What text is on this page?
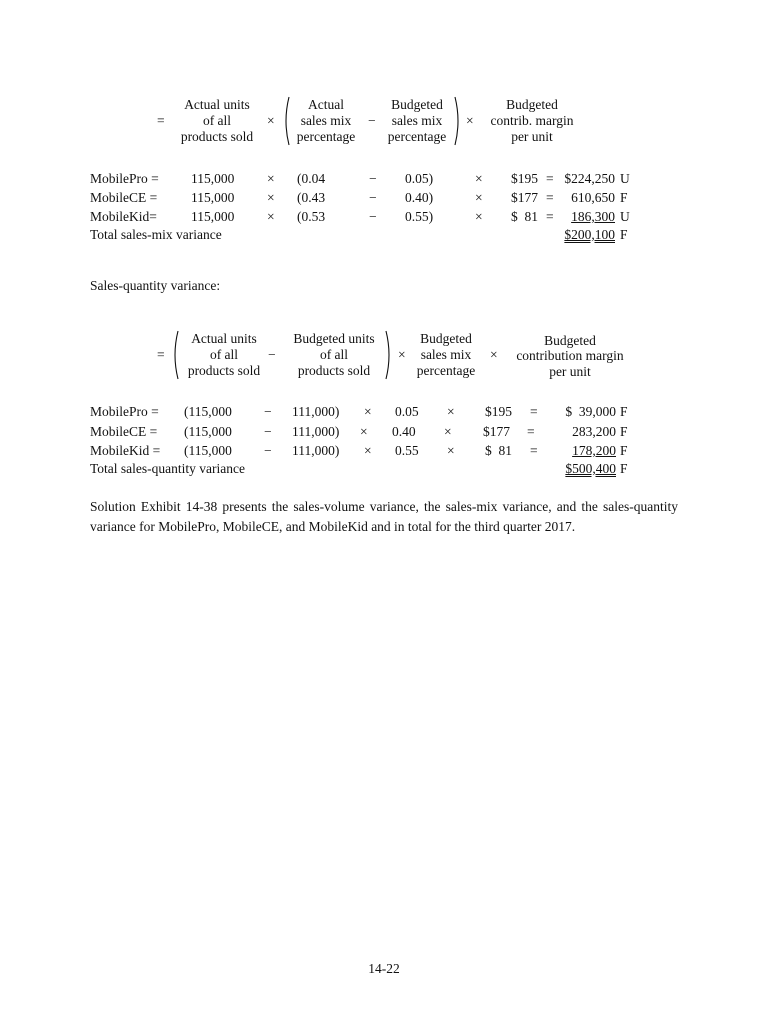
=
Actual units
of all
products sold
×
Actual
sales mix
percentage
−
Budgeted
sales mix
percentage
×
Budgeted
contrib. margin
per unit
MobilePro = 115,000 × (0.04	− 0.05)	×	$195 = $224,250 U
MobileCE =	115,000 × (0.43	− 0.40)	×	$177 =	610,650 F
MobileKid=	115,000 × (0.53	− 0.55)	×	$  81 =	186,300 U
Total sales-mix variance	$200,100 F
Sales-quantity variance:
=
Actual units
of all
products sold
−
Budgeted units
of all
products sold
×
Budgeted
sales mix
percentage
×
Budgeted
contribution margin
per unit
MobilePro = (115,000 − 111,000) × 0.05 ×	$195 =	$  39,000 F
MobileCE = (115,000 − 111,000) × 0.40 ×	$177 =	283,200 F
MobileKid = (115,000 − 111,000) × 0.55 ×	$  81 =	178,200 F
Total sales-quantity variance	$500,400 F

Solution Exhibit 14-38 presents the sales-volume variance, the sales-mix variance, and the sales-quantity variance for MobilePro, MobileCE, and MobileKid and in total for the third quarter 2017.

14-22
